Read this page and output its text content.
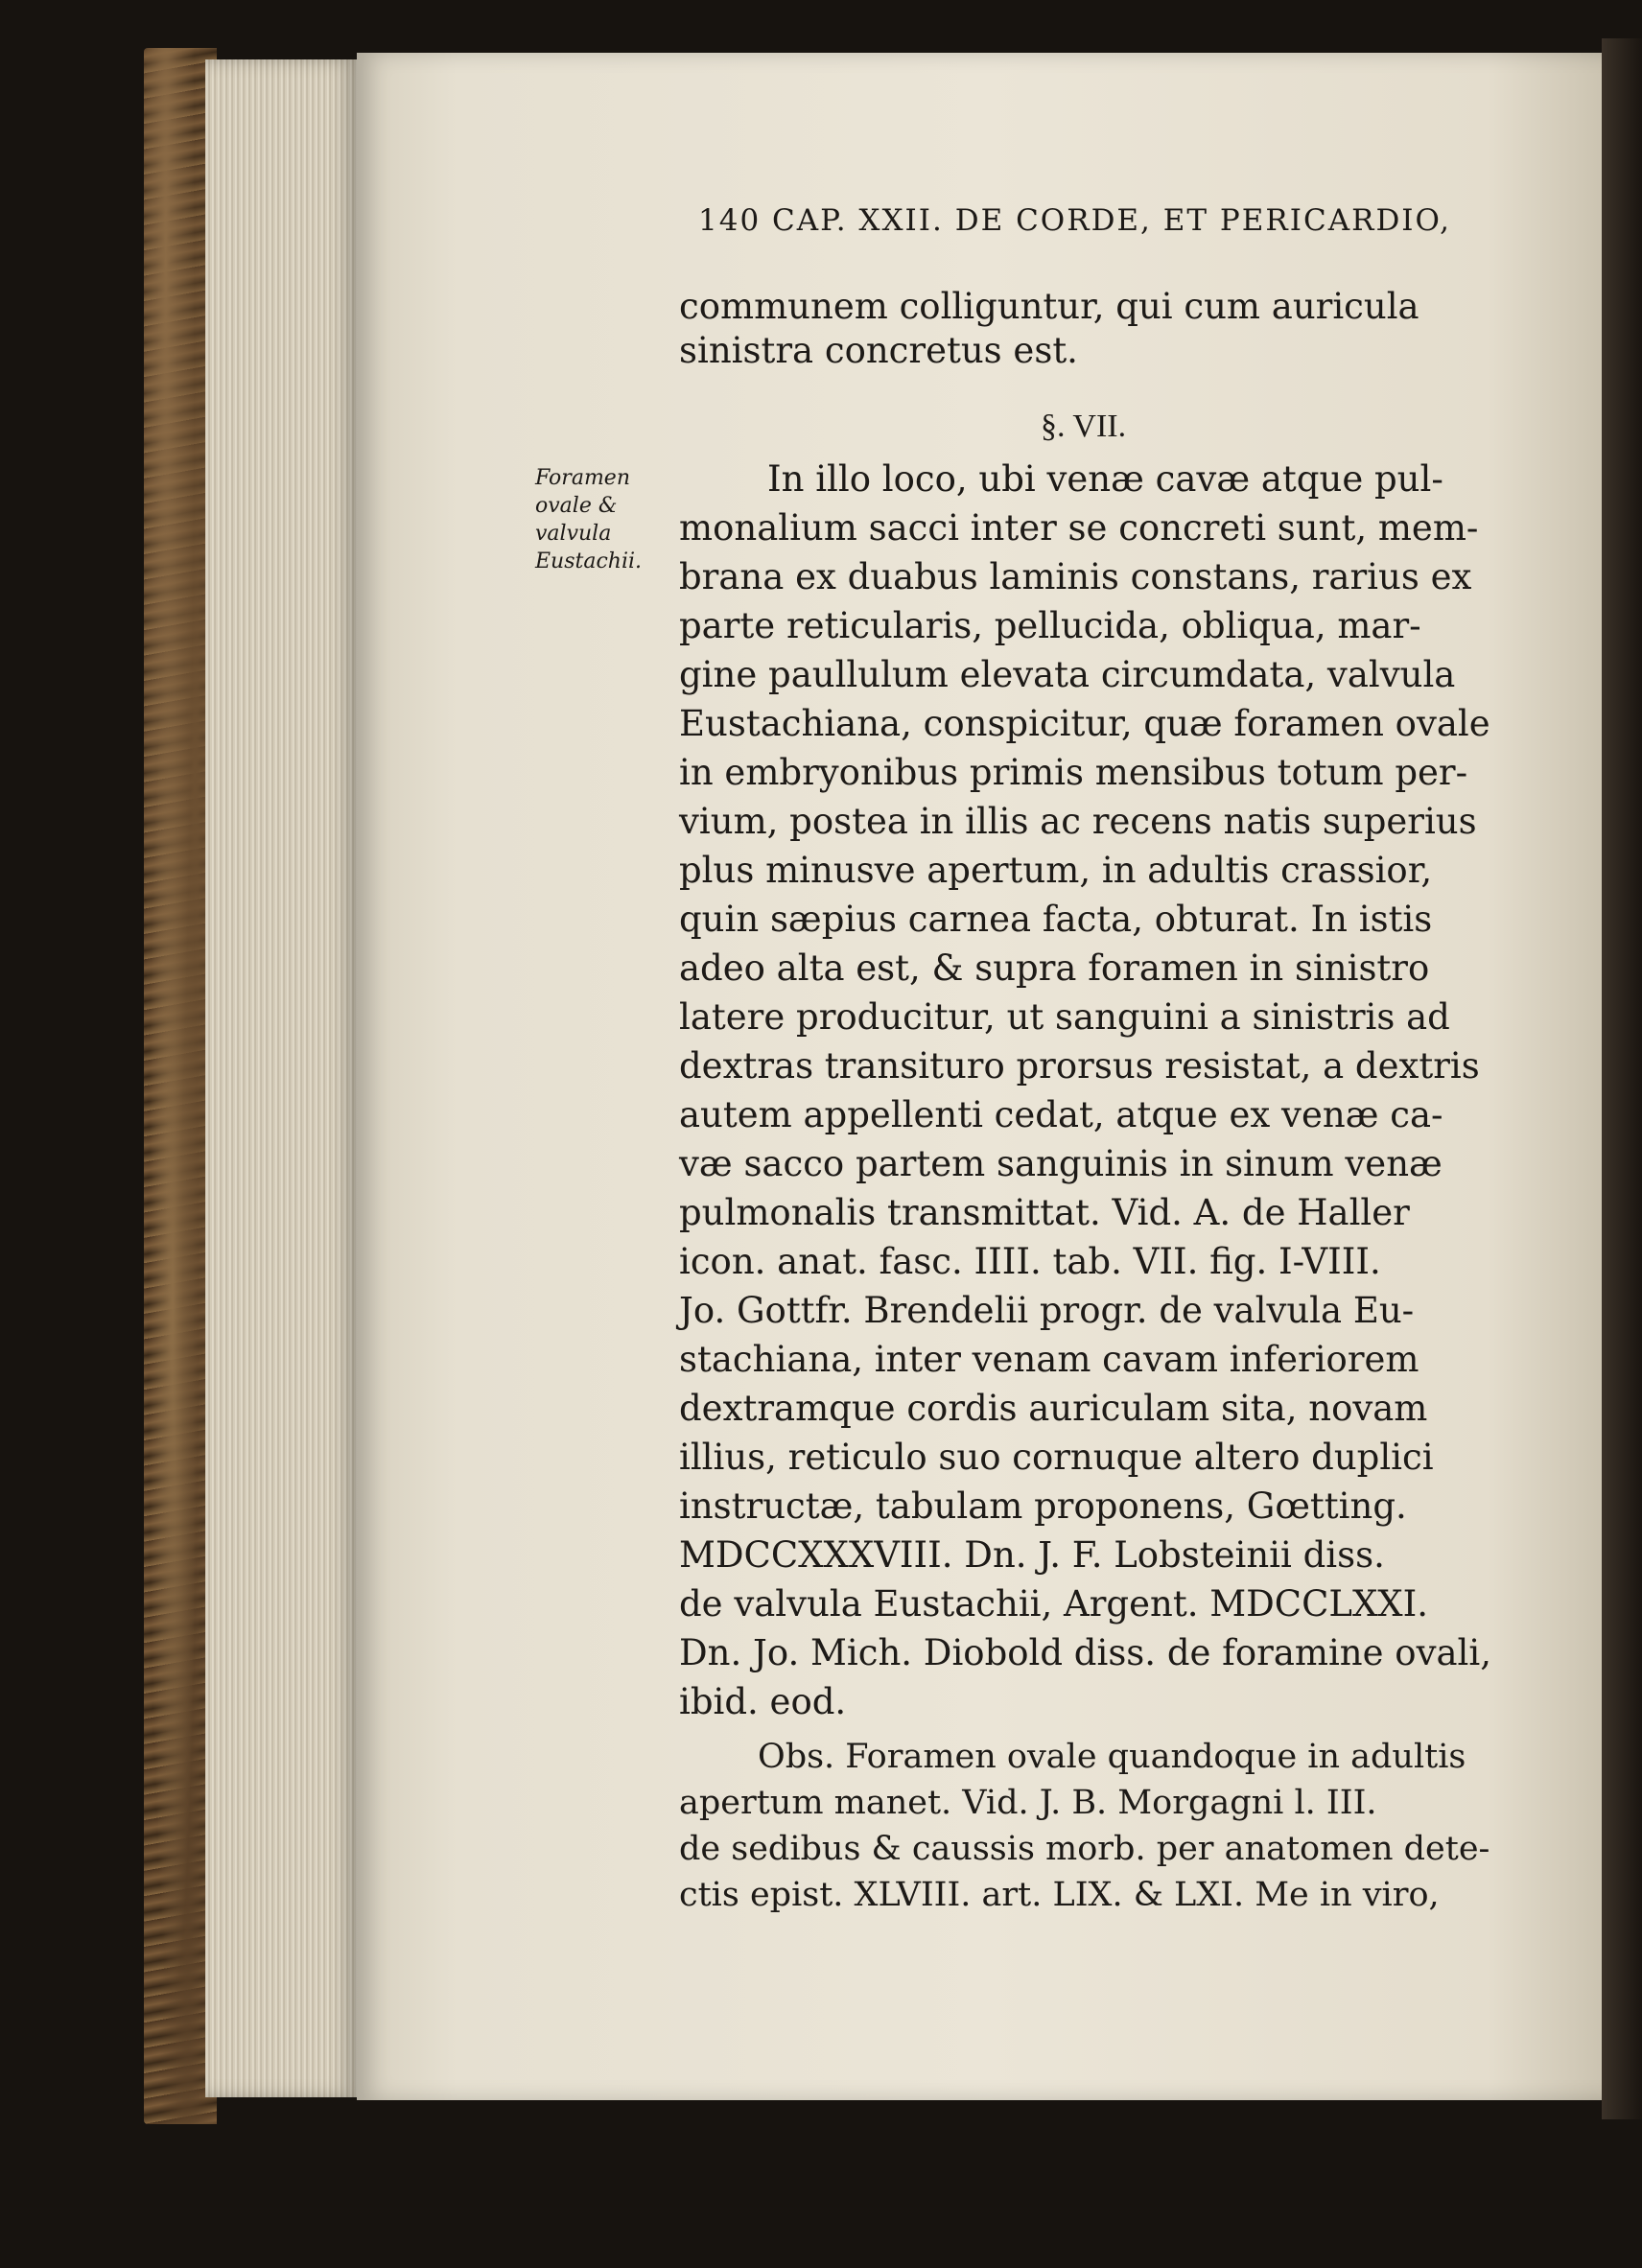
140 CAP. XXII. DE CORDE, ET PERICARDIO,
Foramen
ovale &
valvula
Eustachii.
§. VII.
communem colliguntur, qui cum auricula
sinistra concretus est.
In illo loco, ubi venæ cavæ atque pul-
monalium sacci inter se concreti sunt, mem-
brana ex duabus laminis constans, rarius ex
parte reticularis, pellucida, obliqua, mar-
gine paullulum elevata circumdata, valvula
Eustachiana, conspicitur, quæ foramen ovale
in embryonibus primis mensibus totum per-
vium, postea in illis ac recens natis superius
plus minusve apertum, in adultis crassior,
quin sæpius carnea facta, obturat. In istis
adeo alta est, & supra foramen in sinistro
latere producitur, ut sanguini a sinistris ad
dextras transituro prorsus resistat, a dextris
autem appellenti cedat, atque ex venæ ca-
væ sacco partem sanguinis in sinum venæ
pulmonalis transmittat. Vid. A. de Haller
icon. anat. fasc. IIII. tab. VII. fig. I-VIII.
Jo. Gottfr. Brendelii progr. de valvula Eu-
stachiana, inter venam cavam inferiorem
dextramque cordis auriculam sita, novam
illius, reticulo suo cornuque altero duplici
instructæ, tabulam proponens, Gœtting.
MDCCXXXVIII. Dn. J. F. Lobsteinii diss.
de valvula Eustachii, Argent. MDCCLXXI.
Dn. Jo. Mich. Diobold diss. de foramine ovali,
ibid. eod.
Obs. Foramen ovale quandoque in adultis
apertum manet. Vid. J. B. Morgagni l. III.
de sedibus & caussis morb. per anatomen dete-
ctis epist. XLVIII. art. LIX. & LXI. Me in viro,
